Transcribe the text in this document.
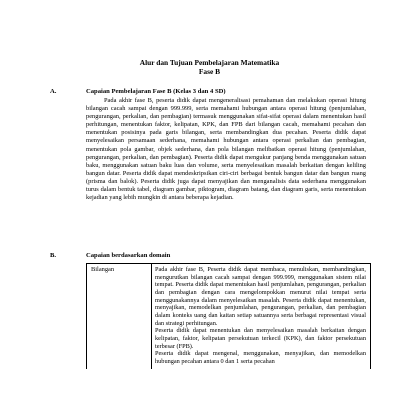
Alur dan Tujuan Pembelajaran Matematika
Fase B
A.	Capaian Pembelajaran Fase B (Kelas 3 dan 4 SD)

Pada akhir fase B, peserta didik dapat mengeneralisasi pemahaman dan melakukan operasi hitung bilangan cacah sampai dengan 999.999, serta memahami hubungan antara operasi hitung (penjumlahan, pengurangan, perkalian, dan pembagian) termasuk menggunakan sifat-sifat operasi dalam menentukan hasil perhitungan, menentukan faktor, kelipatan, KPK, dan FPB dari bilangan cacah, memahami pecahan dan menentukan posisinya pada garis bilangan, serta membandingkan dua pecahan. Peserta didik dapat menyelesaikan persamaan sederhana, memahami hubungan antara operasi perkalian dan pembagian, menentukan pola gambar, objek sederhana, dan pola bilangan melibatkan operasi hitung (penjumlahan, pengurangan, perkalian, dan pembagian). Peserta didik dapat mengukur panjang benda menggunakan satuan baku, menggunakan satuan baku luas dan volume, serta menyelesaikan masalah berkaitan dengan keliling bangun datar. Peserta didik dapat mendeskripsikan ciri-ciri berbagai bentuk bangun datar dan bangun ruang (prisma dan balok). Peserta didik juga dapat menyajikan dan menganalisis data sederhana menggunakan turus dalam bentuk tabel, diagram gambar, piktogram, diagram batang, dan diagram garis, serta menentukan kejadian yang lebih mungkin di antara beberapa kejadian.

B.	Capaian berdasarkan domain
Bilangan	Pada akhir fase B, Peserta didik dapat membaca, menuliskan, membandingkan, mengurutkan bilangan cacah sampai dengan 999.999, menggunakan sistem nilai tempat. Peserta didik dapat menentukan hasil penjumlahan, pengurangan, perkalian dan pembagian dengan cara mengelompokkan menurut nilai tempat serta menggunakannya dalam menyelesaikan masalah. Peserta didik dapat menentukan, menyajikan, memodelkan penjumlahan, pengurangan, perkalian, dan pembagian dalam konteks uang dan kaitan setiap satuannya serta berbagai representasi visual dan strategi perhitungan.

Peserta didik dapat menentukan dan menyelesaikan masalah berkaitan dengan kelipatan, faktor, kelipatan persekutuan terkecil (KPK), dan faktor persekutuan terbesar (FPB).

Peserta didik dapat mengenal, menggunakan, menyajikan, dan memodelkan hubungan pecahan antara 0 dan 1 serta pecahan
